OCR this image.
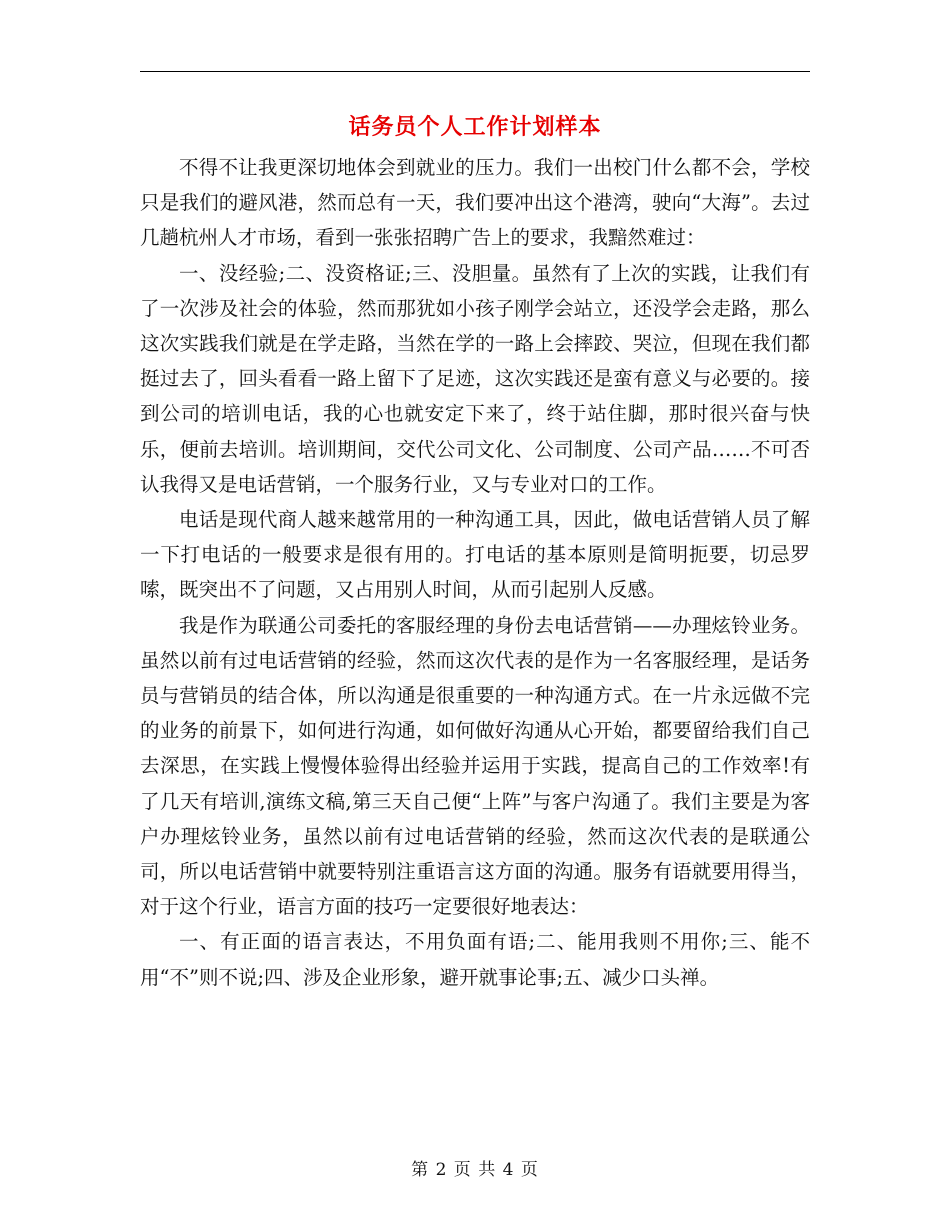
话务员个人工作计划样本

不得不让我更深切地体会到就业的压力。我们一出校门什么都不会，学校只是我们的避风港，然而总有一天，我们要冲出这个港湾，驶向“大海”。去过几趟杭州人才市场，看到一张张招聘广告上的要求，我黯然难过：

一、没经验;二、没资格证;三、没胆量。虽然有了上次的实践，让我们有了一次涉及社会的体验，然而那犹如小孩子刚学会站立，还没学会走路，那么这次实践我们就是在学走路，当然在学的一路上会摔跤、哭泣，但现在我们都挺过去了，回头看看一路上留下了足迹，这次实践还是蛮有意义与必要的。接到公司的培训电话，我的心也就安定下来了，终于站住脚，那时很兴奋与快乐，便前去培训。培训期间，交代公司文化、公司制度、公司产品……不可否认我得又是电话营销，一个服务行业，又与专业对口的工作。

电话是现代商人越来越常用的一种沟通工具，因此，做电话营销人员了解一下打电话的一般要求是很有用的。打电话的基本原则是简明扼要，切忌罗嗦，既突出不了问题，又占用别人时间，从而引起别人反感。

我是作为联通公司委托的客服经理的身份去电话营销——办理炫铃业务。虽然以前有过电话营销的经验，然而这次代表的是作为一名客服经理，是话务员与营销员的结合体，所以沟通是很重要的一种沟通方式。在一片永远做不完的业务的前景下，如何进行沟通，如何做好沟通从心开始，都要留给我们自己去深思，在实践上慢慢体验得出经验并运用于实践，提高自己的工作效率!有了几天有培训,演练文稿,第三天自己便“上阵”与客户沟通了。我们主要是为客户办理炫铃业务，虽然以前有过电话营销的经验，然而这次代表的是联通公司，所以电话营销中就要特别注重语言这方面的沟通。服务有语就要用得当，对于这个行业，语言方面的技巧一定要很好地表达：

一、有正面的语言表达，不用负面有语;二、能用我则不用你;三、能不用“不”则不说;四、涉及企业形象，避开就事论事;五、减少口头禅。

第 2 页 共 4 页
